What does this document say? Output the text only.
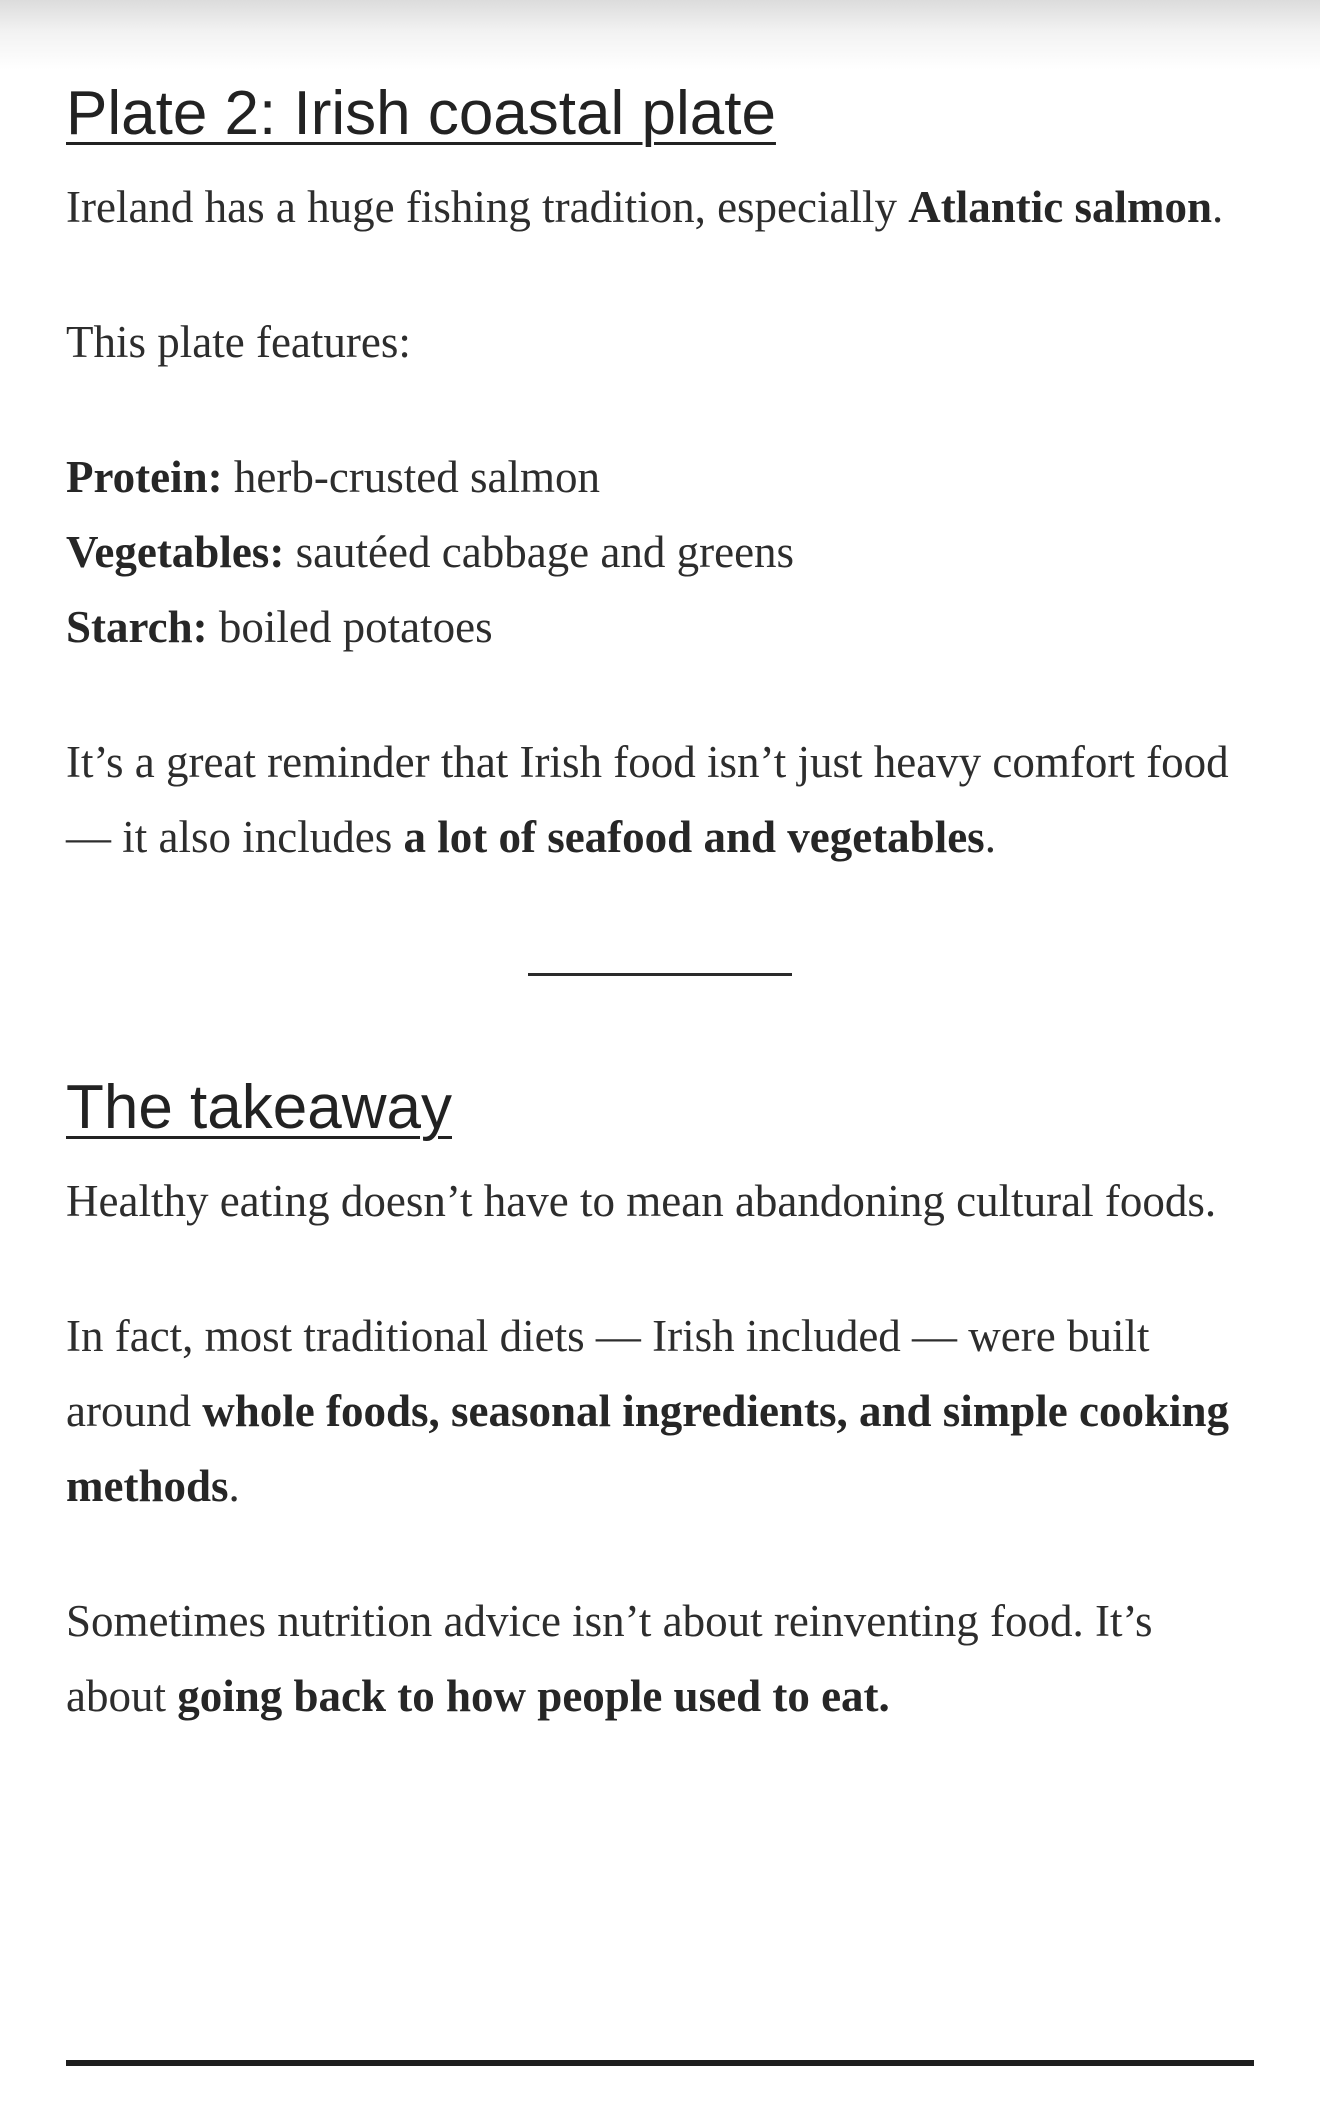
Plate 2: Irish coastal plate

Ireland has a huge fishing tradition, especially Atlantic salmon.

This plate features:

Protein: herb-crusted salmon

Vegetables: sautéed cabbage and greens

Starch: boiled potatoes

It’s a great reminder that Irish food isn’t just heavy comfort food — it also includes a lot of seafood and vegetables.

The takeaway

Healthy eating doesn’t have to mean abandoning cultural foods.

In fact, most traditional diets — Irish included — were built around whole foods, seasonal ingredients, and simple cooking methods.

Sometimes nutrition advice isn’t about reinventing food. It’s about going back to how people used to eat.
